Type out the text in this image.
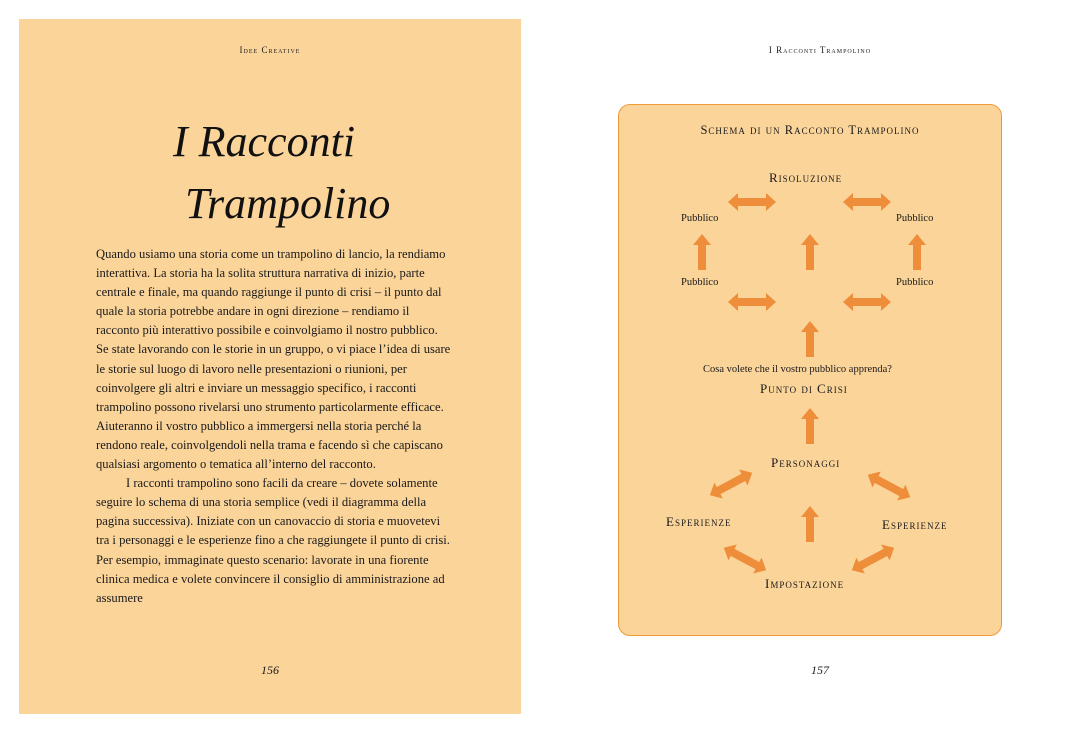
Idee Creative
I Racconti
Trampolino

Quando usiamo una storia come un trampolino di lancio, la rendiamo interattiva. La storia ha la solita struttura narrativa di inizio, parte centrale e finale, ma quando raggiunge il punto di crisi – il punto dal quale la storia potrebbe andare in ogni direzione – rendiamo il racconto più interattivo possibile e coinvolgiamo il nostro pubblico. Se state lavorando con le storie in un gruppo, o vi piace l’idea di usare le storie sul luogo di lavoro nelle presentazioni o riunioni, per coinvolgere gli altri e inviare un messaggio specifico, i racconti trampolino possono rivelarsi uno strumento particolarmente efficace. Aiuteranno il vostro pubblico a immergersi nella storia perché la rendono reale, coinvolgendoli nella trama e facendo sì che capiscano qualsiasi argomento o tematica all’interno del racconto.

I racconti trampolino sono facili da creare – dovete solamente seguire lo schema di una storia semplice (vedi il diagramma della pagina successiva). Iniziate con un canovaccio di storia e muovetevi tra i personaggi e le esperienze fino a che raggiungete il punto di crisi. Per esempio, immaginate questo scenario: lavorate in una fiorente clinica medica e volete convincere il consiglio di amministrazione ad assumere

156
I Racconti Trampolino
Schema di un Racconto Trampolino
Risoluzione
Pubblico	Pubblico
Pubblico	Pubblico
Cosa volete che il vostro pubblico apprenda?
Punto di Crisi
Personaggi
Esperienze	Esperienze
Impostazione
157
